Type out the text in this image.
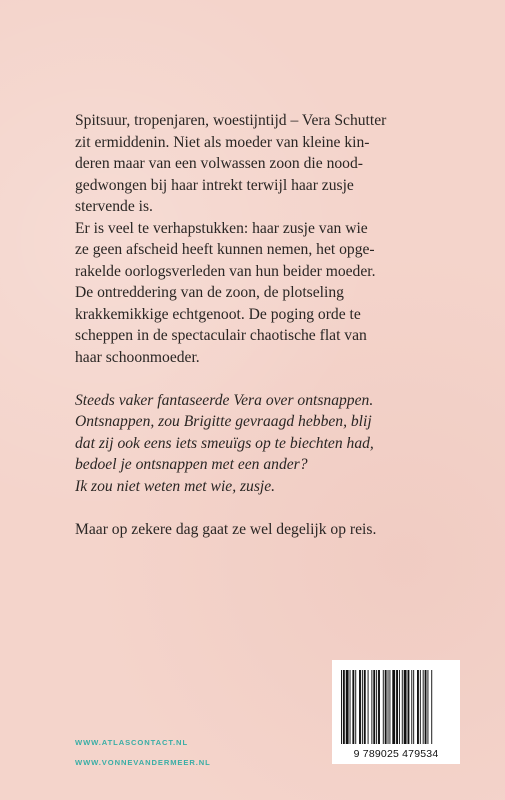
Spitsuur, tropenjaren, woestijntijd – Vera Schutter
zit ermiddenin. Niet als moeder van kleine kin-
deren maar van een volwassen zoon die nood-
gedwongen bij haar intrekt terwijl haar zusje
stervende is.

Er is veel te verhapstukken: haar zusje van wie
ze geen afscheid heeft kunnen nemen, het opge-
rakelde oorlogsverleden van hun beider moeder.
De ontreddering van de zoon, de plotseling
krakkemikkige echtgenoot. De poging orde te
scheppen in de spectaculair chaotische flat van
haar schoonmoeder.

Steeds vaker fantaseerde Vera over ontsnappen.
Ontsnappen, zou Brigitte gevraagd hebben, blij
dat zij ook eens iets smeuïgs op te biechten had,
bedoel je ontsnappen met een ander?
Ik zou niet weten met wie, zusje.

Maar op zekere dag gaat ze wel degelijk op reis.

WWW.ATLASCONTACT.NL
WWW.VONNEVANDERMEER.NL
9 789025 479534
